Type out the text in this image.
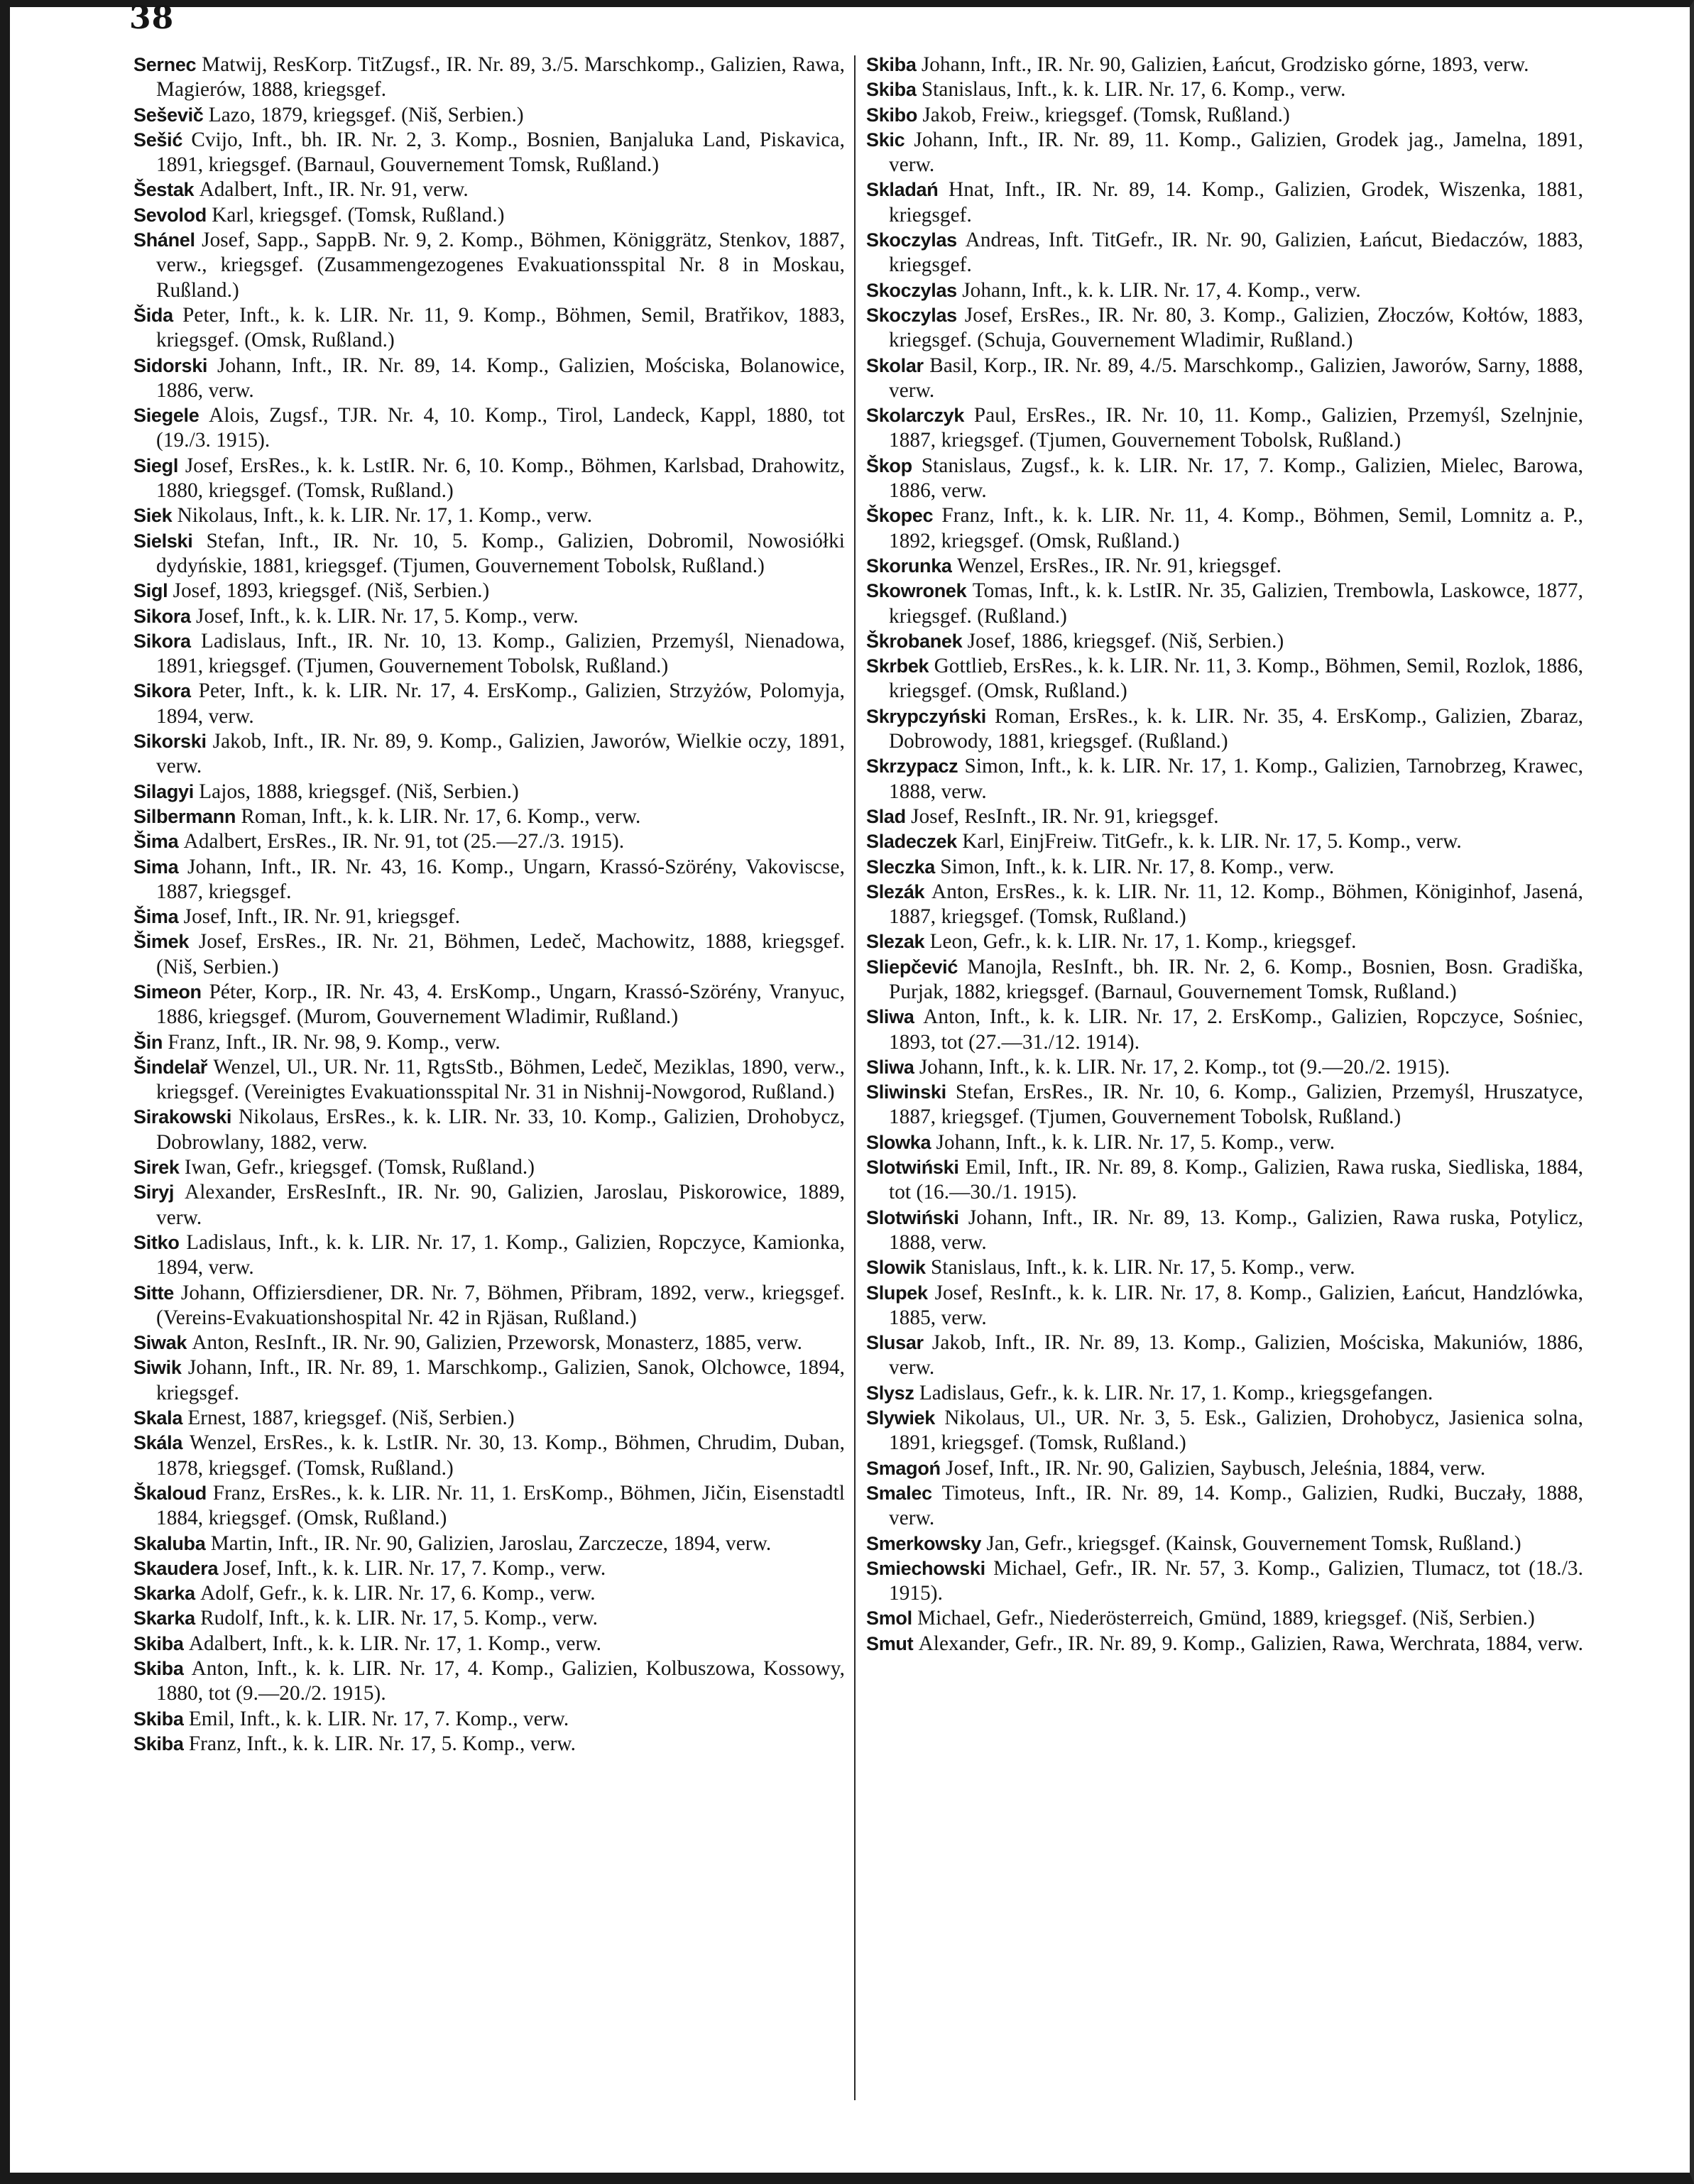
38

Sernec Matwij, ResKorp. TitZugsf., IR. Nr. 89, 3./5. Marschkomp., Galizien, Rawa, Magierów, 1888, kriegsgef.

Seševič Lazo, 1879, kriegsgef. (Niš, Serbien.)

Sešić Cvijo, Inft., bh. IR. Nr. 2, 3. Komp., Bosnien, Banjaluka Land, Piskavica, 1891, kriegsgef. (Barnaul, Gouvernement Tomsk, Rußland.)

Šestak Adalbert, Inft., IR. Nr. 91, verw.

Sevolod Karl, kriegsgef. (Tomsk, Rußland.)

Shánel Josef, Sapp., SappB. Nr. 9, 2. Komp., Böhmen, Königgrätz, Stenkov, 1887, verw., kriegsgef. (Zusammengezogenes Evakuationsspital Nr. 8 in Moskau, Rußland.)

Šida Peter, Inft., k. k. LIR. Nr. 11, 9. Komp., Böhmen, Semil, Bratřikov, 1883, kriegsgef. (Omsk, Rußland.)

Sidorski Johann, Inft., IR. Nr. 89, 14. Komp., Galizien, Mościska, Bolanowice, 1886, verw.

Siegele Alois, Zugsf., TJR. Nr. 4, 10. Komp., Tirol, Landeck, Kappl, 1880, tot (19./3. 1915).

Siegl Josef, ErsRes., k. k. LstIR. Nr. 6, 10. Komp., Böhmen, Karlsbad, Drahowitz, 1880, kriegsgef. (Tomsk, Rußland.)

Siek Nikolaus, Inft., k. k. LIR. Nr. 17, 1. Komp., verw.

Sielski Stefan, Inft., IR. Nr. 10, 5. Komp., Galizien, Dobromil, Nowosiółki dydyńskie, 1881, kriegsgef. (Tjumen, Gouvernement Tobolsk, Rußland.)

Sigl Josef, 1893, kriegsgef. (Niš, Serbien.)

Sikora Josef, Inft., k. k. LIR. Nr. 17, 5. Komp., verw.

Sikora Ladislaus, Inft., IR. Nr. 10, 13. Komp., Galizien, Przemyśl, Nienadowa, 1891, kriegsgef. (Tjumen, Gouvernement Tobolsk, Rußland.)

Sikora Peter, Inft., k. k. LIR. Nr. 17, 4. ErsKomp., Galizien, Strzyżów, Polomyja, 1894, verw.

Sikorski Jakob, Inft., IR. Nr. 89, 9. Komp., Galizien, Jaworów, Wielkie oczy, 1891, verw.

Silagyi Lajos, 1888, kriegsgef. (Niš, Serbien.)

Silbermann Roman, Inft., k. k. LIR. Nr. 17, 6. Komp., verw.

Šima Adalbert, ErsRes., IR. Nr. 91, tot (25.—27./3. 1915).

Sima Johann, Inft., IR. Nr. 43, 16. Komp., Ungarn, Krassó-Szörény, Vakoviscse, 1887, kriegsgef.

Šima Josef, Inft., IR. Nr. 91, kriegsgef.

Šimek Josef, ErsRes., IR. Nr. 21, Böhmen, Ledeč, Machowitz, 1888, kriegsgef. (Niš, Serbien.)

Simeon Péter, Korp., IR. Nr. 43, 4. ErsKomp., Ungarn, Krassó-Szörény, Vranyuc, 1886, kriegsgef. (Murom, Gouvernement Wladimir, Rußland.)

Šin Franz, Inft., IR. Nr. 98, 9. Komp., verw.

Šindelař Wenzel, Ul., UR. Nr. 11, RgtsStb., Böhmen, Ledeč, Meziklas, 1890, verw., kriegsgef. (Vereinigtes Evakuationsspital Nr. 31 in Nishnij-Nowgorod, Rußland.)

Sirakowski Nikolaus, ErsRes., k. k. LIR. Nr. 33, 10. Komp., Galizien, Drohobycz, Dobrowlany, 1882, verw.

Sirek Iwan, Gefr., kriegsgef. (Tomsk, Rußland.)

Siryj Alexander, ErsResInft., IR. Nr. 90, Galizien, Jaroslau, Piskorowice, 1889, verw.

Sitko Ladislaus, Inft., k. k. LIR. Nr. 17, 1. Komp., Galizien, Ropczyce, Kamionka, 1894, verw.

Sitte Johann, Offiziersdiener, DR. Nr. 7, Böhmen, Přibram, 1892, verw., kriegsgef. (Vereins-Evakuationshospital Nr. 42 in Rjäsan, Rußland.)

Siwak Anton, ResInft., IR. Nr. 90, Galizien, Przeworsk, Monasterz, 1885, verw.

Siwik Johann, Inft., IR. Nr. 89, 1. Marschkomp., Galizien, Sanok, Olchowce, 1894, kriegsgef.

Skala Ernest, 1887, kriegsgef. (Niš, Serbien.)

Skála Wenzel, ErsRes., k. k. LstIR. Nr. 30, 13. Komp., Böhmen, Chrudim, Duban, 1878, kriegsgef. (Tomsk, Rußland.)

Škaloud Franz, ErsRes., k. k. LIR. Nr. 11, 1. ErsKomp., Böhmen, Jičin, Eisenstadtl 1884, kriegsgef. (Omsk, Rußland.)

Skaluba Martin, Inft., IR. Nr. 90, Galizien, Jaroslau, Zarczecze, 1894, verw.

Skaudera Josef, Inft., k. k. LIR. Nr. 17, 7. Komp., verw.

Skarka Adolf, Gefr., k. k. LIR. Nr. 17, 6. Komp., verw.

Skarka Rudolf, Inft., k. k. LIR. Nr. 17, 5. Komp., verw.

Skiba Adalbert, Inft., k. k. LIR. Nr. 17, 1. Komp., verw.

Skiba Anton, Inft., k. k. LIR. Nr. 17, 4. Komp., Galizien, Kolbuszowa, Kossowy, 1880, tot (9.—20./2. 1915).

Skiba Emil, Inft., k. k. LIR. Nr. 17, 7. Komp., verw.

Skiba Franz, Inft., k. k. LIR. Nr. 17, 5. Komp., verw.

Skiba Johann, Inft., IR. Nr. 90, Galizien, Łańcut, Grodzisko górne, 1893, verw.

Skiba Stanislaus, Inft., k. k. LIR. Nr. 17, 6. Komp., verw.

Skibo Jakob, Freiw., kriegsgef. (Tomsk, Rußland.)

Skic Johann, Inft., IR. Nr. 89, 11. Komp., Galizien, Grodek jag., Jamelna, 1891, verw.

Skladań Hnat, Inft., IR. Nr. 89, 14. Komp., Galizien, Grodek, Wiszenka, 1881, kriegsgef.

Skoczylas Andreas, Inft. TitGefr., IR. Nr. 90, Galizien, Łańcut, Biedaczów, 1883, kriegsgef.

Skoczylas Johann, Inft., k. k. LIR. Nr. 17, 4. Komp., verw.

Skoczylas Josef, ErsRes., IR. Nr. 80, 3. Komp., Galizien, Złoczów, Kołtów, 1883, kriegsgef. (Schuja, Gouvernement Wladimir, Rußland.)

Skolar Basil, Korp., IR. Nr. 89, 4./5. Marschkomp., Galizien, Jaworów, Sarny, 1888, verw.

Skolarczyk Paul, ErsRes., IR. Nr. 10, 11. Komp., Galizien, Przemyśl, Szelnjnie, 1887, kriegsgef. (Tjumen, Gouvernement Tobolsk, Rußland.)

Škop Stanislaus, Zugsf., k. k. LIR. Nr. 17, 7. Komp., Galizien, Mielec, Barowa, 1886, verw.

Škopec Franz, Inft., k. k. LIR. Nr. 11, 4. Komp., Böhmen, Semil, Lomnitz a. P., 1892, kriegsgef. (Omsk, Rußland.)

Skorunka Wenzel, ErsRes., IR. Nr. 91, kriegsgef.

Skowronek Tomas, Inft., k. k. LstIR. Nr. 35, Galizien, Trembowla, Laskowce, 1877, kriegsgef. (Rußland.)

Škrobanek Josef, 1886, kriegsgef. (Niš, Serbien.)

Skrbek Gottlieb, ErsRes., k. k. LIR. Nr. 11, 3. Komp., Böhmen, Semil, Rozlok, 1886, kriegsgef. (Omsk, Rußland.)

Skrypczyński Roman, ErsRes., k. k. LIR. Nr. 35, 4. ErsKomp., Galizien, Zbaraz, Dobrowody, 1881, kriegsgef. (Rußland.)

Skrzypacz Simon, Inft., k. k. LIR. Nr. 17, 1. Komp., Galizien, Tarnobrzeg, Krawec, 1888, verw.

Slad Josef, ResInft., IR. Nr. 91, kriegsgef.

Sladeczek Karl, EinjFreiw. TitGefr., k. k. LIR. Nr. 17, 5. Komp., verw.

Sleczka Simon, Inft., k. k. LIR. Nr. 17, 8. Komp., verw.

Slezák Anton, ErsRes., k. k. LIR. Nr. 11, 12. Komp., Böhmen, Königinhof, Jasená, 1887, kriegsgef. (Tomsk, Rußland.)

Slezak Leon, Gefr., k. k. LIR. Nr. 17, 1. Komp., kriegsgef.

Sliepčević Manojla, ResInft., bh. IR. Nr. 2, 6. Komp., Bosnien, Bosn. Gradiška, Purjak, 1882, kriegsgef. (Barnaul, Gouvernement Tomsk, Rußland.)

Sliwa Anton, Inft., k. k. LIR. Nr. 17, 2. ErsKomp., Galizien, Ropczyce, Sośniec, 1893, tot (27.—31./12. 1914).

Sliwa Johann, Inft., k. k. LIR. Nr. 17, 2. Komp., tot (9.—20./2. 1915).

Sliwinski Stefan, ErsRes., IR. Nr. 10, 6. Komp., Galizien, Przemyśl, Hruszatyce, 1887, kriegsgef. (Tjumen, Gouvernement Tobolsk, Rußland.)

Slowka Johann, Inft., k. k. LIR. Nr. 17, 5. Komp., verw.

Slotwiński Emil, Inft., IR. Nr. 89, 8. Komp., Galizien, Rawa ruska, Siedliska, 1884, tot (16.—30./1. 1915).

Slotwiński Johann, Inft., IR. Nr. 89, 13. Komp., Galizien, Rawa ruska, Potylicz, 1888, verw.

Slowik Stanislaus, Inft., k. k. LIR. Nr. 17, 5. Komp., verw.

Slupek Josef, ResInft., k. k. LIR. Nr. 17, 8. Komp., Galizien, Łańcut, Handzlówka, 1885, verw.

Slusar Jakob, Inft., IR. Nr. 89, 13. Komp., Galizien, Mościska, Makuniów, 1886, verw.

Slysz Ladislaus, Gefr., k. k. LIR. Nr. 17, 1. Komp., kriegsgefangen.

Slywiek Nikolaus, Ul., UR. Nr. 3, 5. Esk., Galizien, Drohobycz, Jasienica solna, 1891, kriegsgef. (Tomsk, Rußland.)

Smagoń Josef, Inft., IR. Nr. 90, Galizien, Saybusch, Jeleśnia, 1884, verw.

Smalec Timoteus, Inft., IR. Nr. 89, 14. Komp., Galizien, Rudki, Buczały, 1888, verw.

Smerkowsky Jan, Gefr., kriegsgef. (Kainsk, Gouvernement Tomsk, Rußland.)

Smiechowski Michael, Gefr., IR. Nr. 57, 3. Komp., Galizien, Tlumacz, tot (18./3. 1915).

Smol Michael, Gefr., Niederösterreich, Gmünd, 1889, kriegsgef. (Niš, Serbien.)

Smut Alexander, Gefr., IR. Nr. 89, 9. Komp., Galizien, Rawa, Werchrata, 1884, verw.
